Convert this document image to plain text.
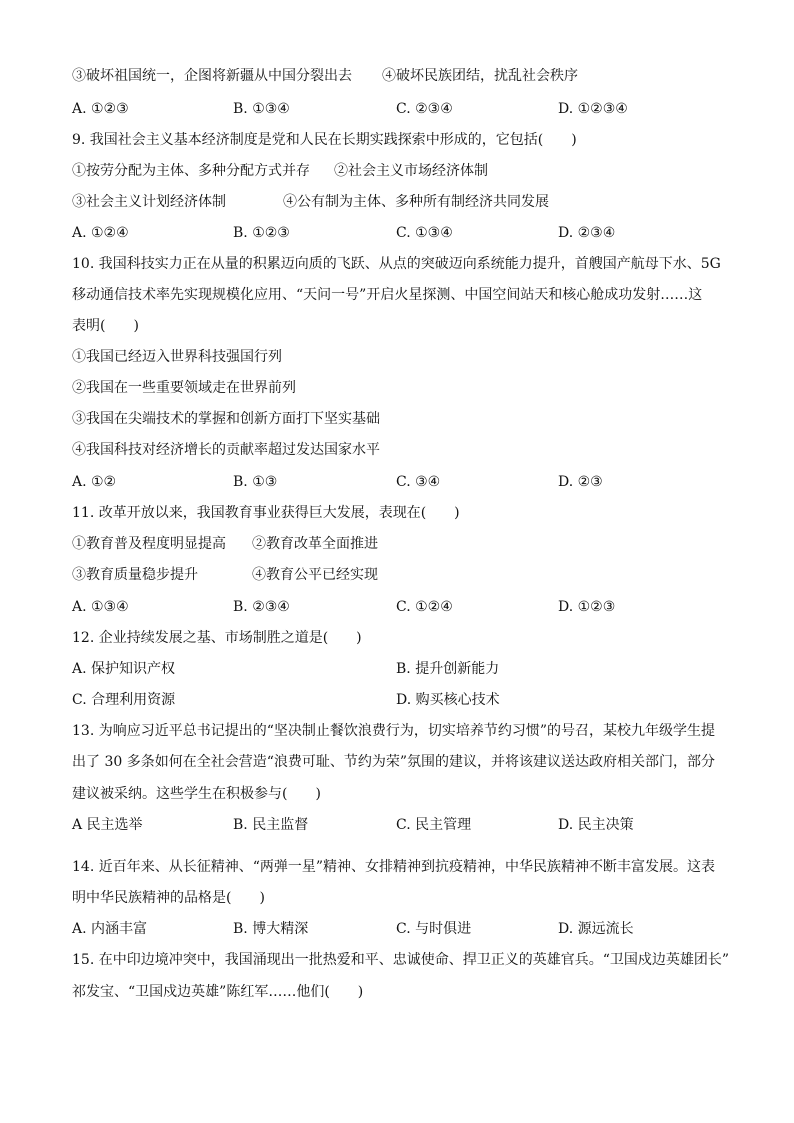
③破坏祖国统一，企图将新疆从中国分裂出去 ④破坏民族团结，扰乱社会秩序
A. ①②③	B. ①③④	C. ②③④	D. ①②③④
9. 我国社会主义基本经济制度是党和人民在长期实践探索中形成的，它包括(　　)
①按劳分配为主体、多种分配方式并存 ②社会主义市场经济体制
③社会主义计划经济体制	④公有制为主体、多种所有制经济共同发展
A. ①②④	B. ①②③	C. ①③④	D. ②③④
10. 我国科技实力正在从量的积累迈向质的飞跃、从点的突破迈向系统能力提升，首艘国产航母下水、5G
移动通信技术率先实现规模化应用、“天问一号”开启火星探测、中国空间站天和核心舱成功发射……这
表明(　　)
①我国已经迈入世界科技强国行列
②我国在一些重要领域走在世界前列
③我国在尖端技术的掌握和创新方面打下坚实基础
④我国科技对经济增长的贡献率超过发达国家水平
A. ①②	B. ①③	C. ③④	D. ②③
11. 改革开放以来，我国教育事业获得巨大发展，表现在(　　)
①教育普及程度明显提高 ②教育改革全面推进
③教育质量稳步提升	④教育公平已经实现
A. ①③④	B. ②③④	C. ①②④	D. ①②③
12. 企业持续发展之基、市场制胜之道是(　　)
A. 保护知识产权	B. 提升创新能力
C. 合理利用资源	D. 购买核心技术
13. 为响应习近平总书记提出的“坚决制止餐饮浪费行为，切实培养节约习惯”的号召，某校九年级学生提
出了 30 多条如何在全社会营造“浪费可耻、节约为荣”氛围的建议，并将该建议送达政府相关部门，部分
建议被采纳。这些学生在积极参与(　　)
A 民主选举	B. 民主监督	C. 民主管理	D. 民主决策
14. 近百年来、从长征精神、“两弹一星”精神、女排精神到抗疫精神，中华民族精神不断丰富发展。这表
明中华民族精神的品格是(　　)
A. 内涵丰富	B. 博大精深	C. 与时俱进	D. 源远流长
15. 在中印边境冲突中，我国涌现出一批热爱和平、忠诚使命、捍卫正义的英雄官兵。“卫国戍边英雄团长”
祁发宝、“卫国戍边英雄”陈红军……他们(　　)
